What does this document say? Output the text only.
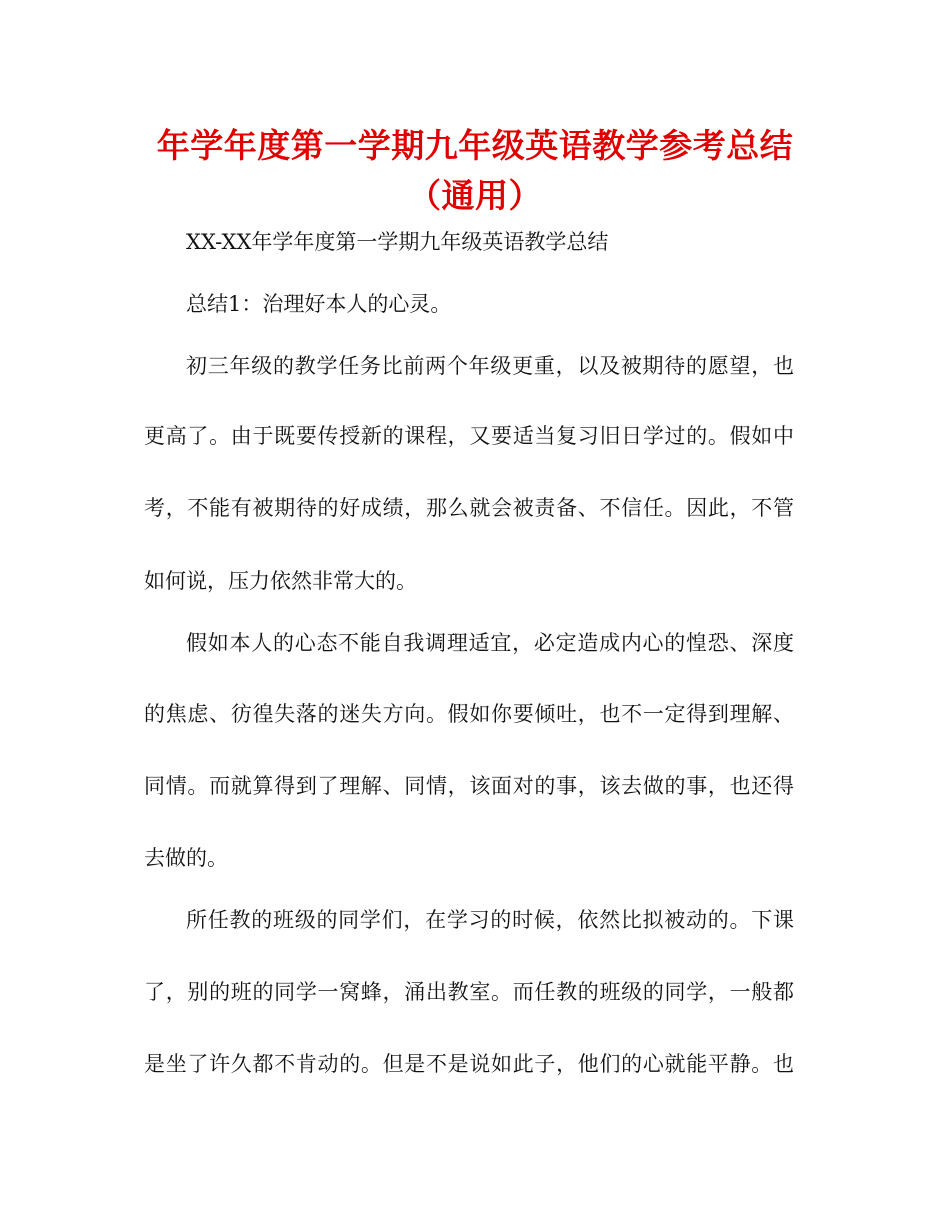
年学年度第一学期九年级英语教学参考总结（通用）
XX-XX年学年度第一学期九年级英语教学总结
总结1：治理好本人的心灵。
初三年级的教学任务比前两个年级更重，以及被期待的愿望，也
更高了。由于既要传授新的课程，又要适当复习旧日学过的。假如中
考，不能有被期待的好成绩，那么就会被责备、不信任。因此，不管
如何说，压力依然非常大的。
假如本人的心态不能自我调理适宜，必定造成内心的惶恐、深度
的焦虑、彷徨失落的迷失方向。假如你要倾吐，也不一定得到理解、
同情。而就算得到了理解、同情，该面对的事，该去做的事，也还得
去做的。
所任教的班级的同学们，在学习的时候，依然比拟被动的。下课
了，别的班的同学一窝蜂，涌出教室。而任教的班级的同学，一般都
是坐了许久都不肯动的。但是不是说如此子，他们的心就能平静。也
